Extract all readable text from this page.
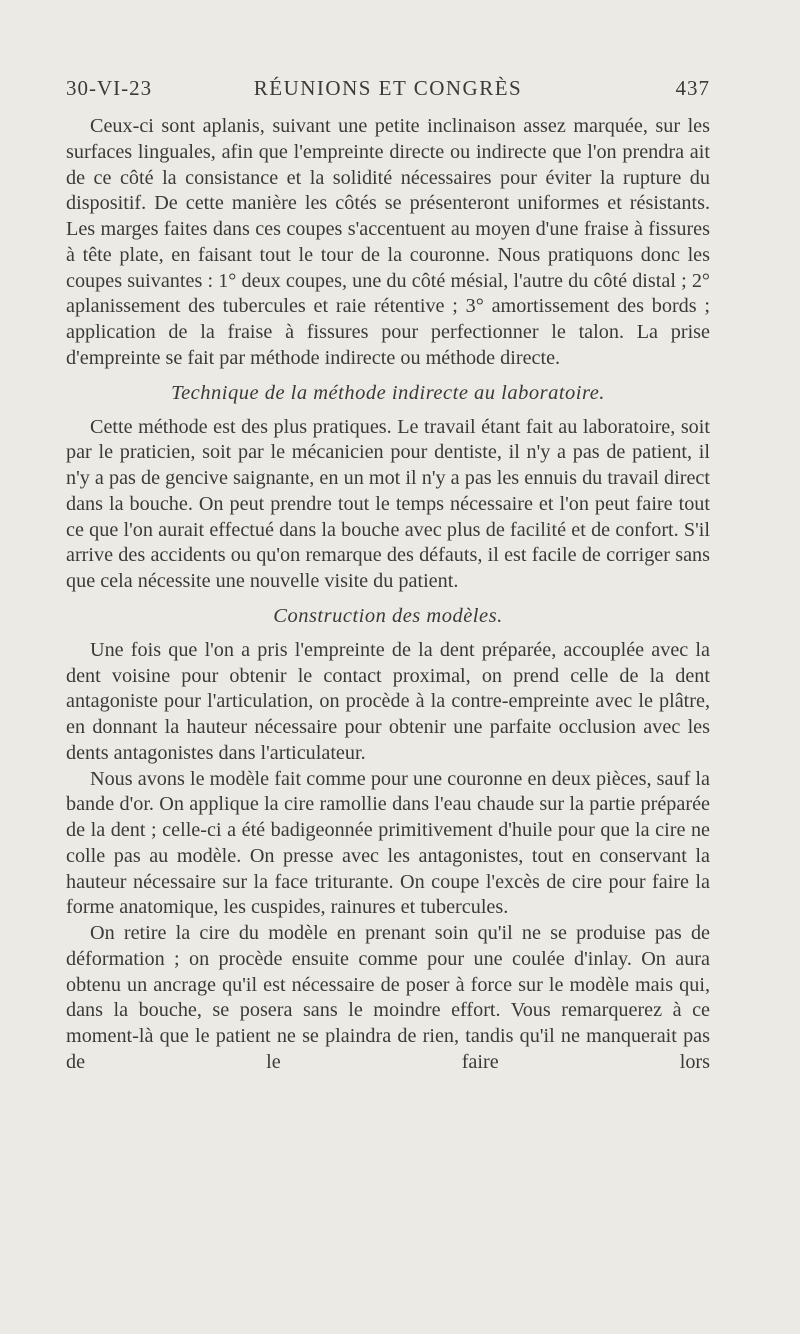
30-VI-23	RÉUNIONS ET CONGRÈS	437

Ceux-ci sont aplanis, suivant une petite inclinaison assez marquée, sur les surfaces linguales, afin que l'empreinte directe ou indirecte que l'on prendra ait de ce côté la consistance et la solidité nécessaires pour éviter la rupture du dispositif. De cette manière les côtés se présenteront uniformes et résistants. Les marges faites dans ces coupes s'accentuent au moyen d'une fraise à fissures à tête plate, en faisant tout le tour de la couronne. Nous pratiquons donc les coupes suivantes : 1° deux coupes, une du côté mésial, l'autre du côté distal ; 2° aplanissement des tubercules et raie rétentive ; 3° amortissement des bords ; application de la fraise à fissures pour perfectionner le talon. La prise d'empreinte se fait par méthode indirecte ou méthode directe.

Technique de la méthode indirecte au laboratoire.

Cette méthode est des plus pratiques. Le travail étant fait au laboratoire, soit par le praticien, soit par le mécanicien pour dentiste, il n'y a pas de patient, il n'y a pas de gencive saignante, en un mot il n'y a pas les ennuis du travail direct dans la bouche. On peut prendre tout le temps nécessaire et l'on peut faire tout ce que l'on aurait effectué dans la bouche avec plus de facilité et de confort. S'il arrive des accidents ou qu'on remarque des défauts, il est facile de corriger sans que cela nécessite une nouvelle visite du patient.

Construction des modèles.

Une fois que l'on a pris l'empreinte de la dent préparée, accouplée avec la dent voisine pour obtenir le contact proximal, on prend celle de la dent antagoniste pour l'articulation, on procède à la contre-empreinte avec le plâtre, en donnant la hauteur nécessaire pour obtenir une parfaite occlusion avec les dents antagonistes dans l'articulateur.

Nous avons le modèle fait comme pour une couronne en deux pièces, sauf la bande d'or. On applique la cire ramollie dans l'eau chaude sur la partie préparée de la dent ; celle-ci a été badigeonnée primitivement d'huile pour que la cire ne colle pas au modèle. On presse avec les antagonistes, tout en conservant la hauteur nécessaire sur la face triturante. On coupe l'excès de cire pour faire la forme anatomique, les cuspides, rainures et tubercules.

On retire la cire du modèle en prenant soin qu'il ne se produise pas de déformation ; on procède ensuite comme pour une coulée d'inlay. On aura obtenu un ancrage qu'il est nécessaire de poser à force sur le modèle mais qui, dans la bouche, se posera sans le moindre effort. Vous remarquerez à ce moment-là que le patient ne se plaindra de rien, tandis qu'il ne manquerait pas de le faire lors
